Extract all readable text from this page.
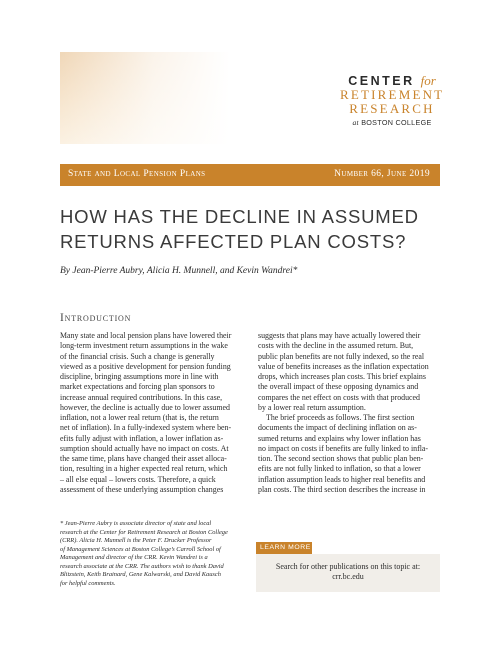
CENTER for
RETIREMENT
RESEARCH
at BOSTON COLLEGE
State and Local Pension Plans	Number 66, June 2019
HOW HAS THE DECLINE IN ASSUMED
RETURNS AFFECTED PLAN COSTS?
By Jean-Pierre Aubry, Alicia H. Munnell, and Kevin Wandrei*
Introduction

Many state and local pension plans have lowered their

long-term investment return assumptions in the wake

of the financial crisis. Such a change is generally

viewed as a positive development for pension funding

discipline, bringing assumptions more in line with

market expectations and forcing plan sponsors to

increase annual required contributions. In this case,

however, the decline is actually due to lower assumed

inflation, not a lower real return (that is, the return

net of inflation). In a fully-indexed system where ben-

efits fully adjust with inflation, a lower inflation as-

sumption should actually have no impact on costs. At

the same time, plans have changed their asset alloca-

tion, resulting in a higher expected real return, which

– all else equal – lowers costs. Therefore, a quick

assessment of these underlying assumption changes

suggests that plans may have actually lowered their

costs with the decline in the assumed return. But,

public plan benefits are not fully indexed, so the real

value of benefits increases as the inflation expectation

drops, which increases plan costs. This brief explains

the overall impact of these opposing dynamics and

compares the net effect on costs with that produced

by a lower real return assumption.

The brief proceeds as follows. The first section

documents the impact of declining inflation on as-

sumed returns and explains why lower inflation has

no impact on costs if benefits are fully linked to infla-

tion. The second section shows that public plan ben-

efits are not fully linked to inflation, so that a lower

inflation assumption leads to higher real benefits and

plan costs. The third section describes the increase in

* Jean-Pierre Aubry is associate director of state and local
research at the Center for Retirement Research at Boston College
(CRR). Alicia H. Munnell is the Peter F. Drucker Professor
of Management Sciences at Boston College’s Carroll School of
Management and director of the CRR. Kevin Wandrei is a
research associate at the CRR. The authors wish to thank David
Blitzstein, Keith Brainard, Gene Kalwarski, and David Kausch
for helpful comments.
LEARN MORE
Search for other publications on this topic at:
crr.bc.edu
